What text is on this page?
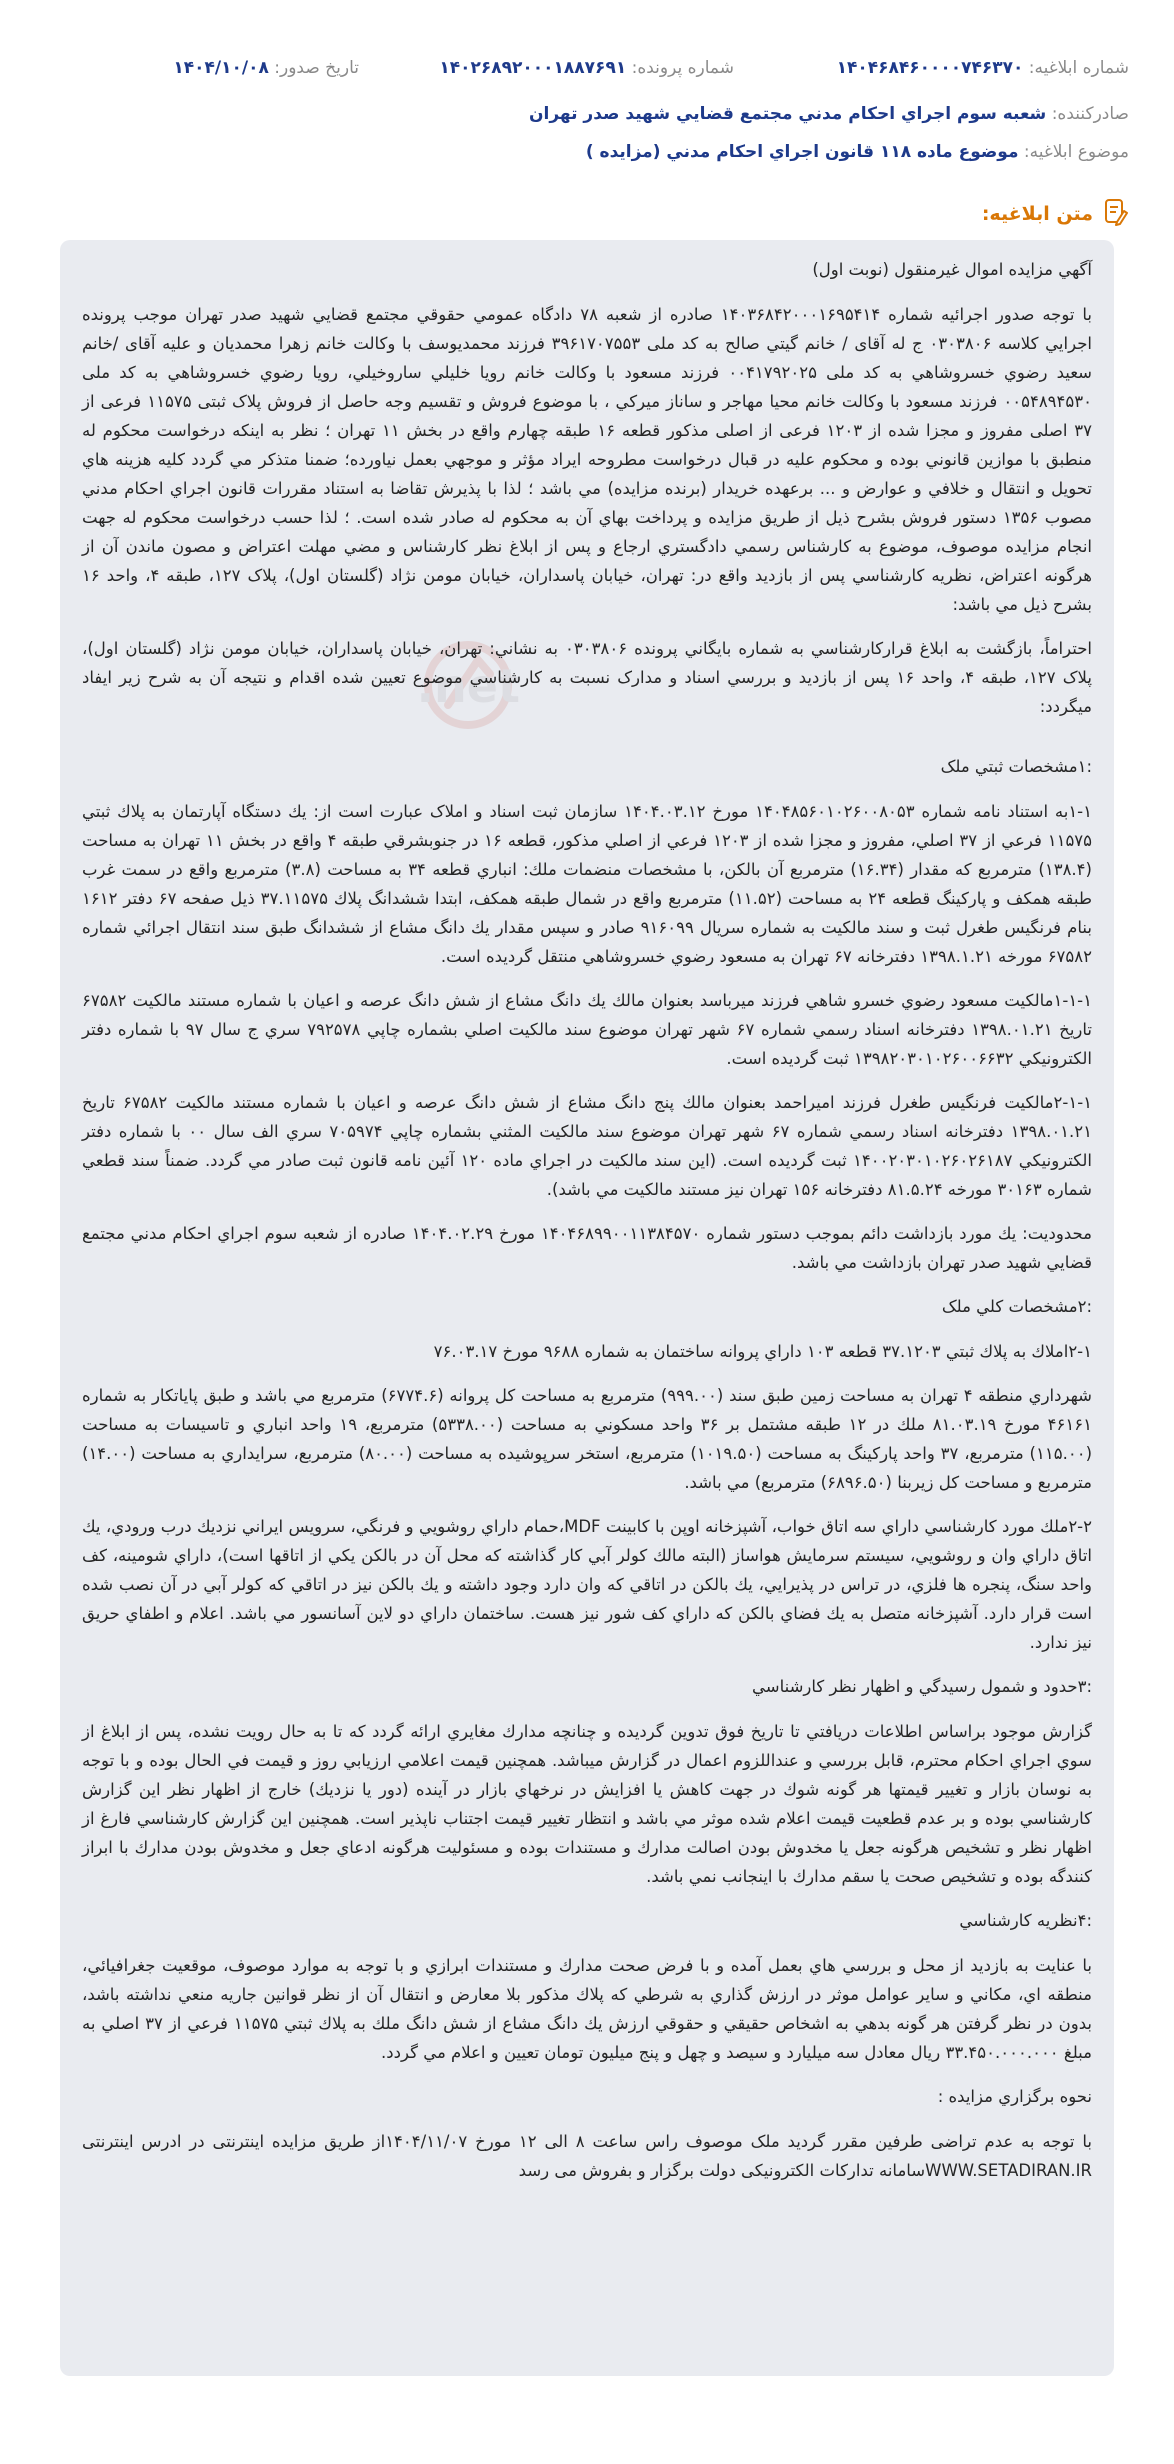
شماره ابلاغيه: ۱۴۰۴۶۸۴۶۰۰۰۰۷۴۶۳۷۰
شماره پرونده: ۱۴۰۲۶۸۹۲۰۰۰۱۸۸۷۶۹۱
تاريخ صدور: ۱۴۰۴/۱۰/۰۸
صادرکننده: شعبه سوم اجراي احكام مدني مجتمع قضايي شهيد صدر تهران
موضوع ابلاغيه: موضوع ماده ۱۱۸ قانون اجراي احکام مدني (مزايده )
متن ابلاغيه:
.net

آگهي مزايده اموال غيرمنقول (نوبت اول)

با توجه صدور اجرائيه شماره ۱۴۰۳۶۸۴۲۰۰۰۱۶۹۵۴۱۴ صادره از شعبه ۷۸ دادگاه عمومي حقوقي مجتمع قضايي شهيد صدر تهران موجب پرونده اجرايي کلاسه ۰۳۰۳۸۰۶ ج له آقای / خانم گيتي صالح به کد ملی ۳۹۶۱۷۰۷۵۵۳ فرزند محمديوسف با وکالت خانم زهرا محمديان و علیه آقای /خانم سعید رضوي خسروشاهي به کد ملی ۰۰۴۱۷۹۲۰۲۵ فرزند مسعود با وکالت خانم رويا خليلي ساروخيلي، رويا رضوي خسروشاهي به کد ملی ۰۰۵۴۸۹۴۵۳۰ فرزند مسعود با وکالت خانم محيا مهاجر و ساناز ميرکي ، با موضوع فروش و تقسيم وجه حاصل از فروش پلاک ثبتی ۱۱۵۷۵ فرعی از ۳۷ اصلی مفروز و مجزا شده از ۱۲۰۳ فرعی از اصلی مذکور قطعه ۱۶ طبقه چهارم واقع در بخش ۱۱ تهران ؛ نظر به اينکه درخواست محکوم له منطبق با موازين قانوني بوده و محکوم عليه در قبال درخواست مطروحه ايراد مؤثر و موجهي بعمل نياورده؛ ضمنا متذکر مي گردد کليه هزينه هاي تحويل و انتقال و خلافي و عوارض و ... برعهده خريدار (برنده مزايده) مي باشد ؛ لذا با پذيرش تقاضا به استناد مقررات قانون اجراي احکام مدني مصوب ۱۳۵۶ دستور فروش بشرح ذيل از طريق مزايده و پرداخت بهاي آن به محکوم له صادر شده است. ؛ لذا حسب درخواست محکوم له جهت انجام مزايده موصوف، موضوع به کارشناس رسمي دادگستري ارجاع و پس از ابلاغ نظر کارشناس و مضي مهلت اعتراض و مصون ماندن آن از هرگونه اعتراض، نظريه کارشناسي پس از بازديد واقع در: تهران، خيابان پاسداران، خيابان مومن نژاد (گلستان اول)، پلاک ۱۲۷، طبقه ۴، واحد ۱۶ بشرح ذيل مي باشد:

احتراماً، بازگشت به ابلاغ قرارکارشناسي به شماره بايگاني پرونده ۰۳۰۳۸۰۶ به نشاني: تهران، خيابان پاسداران، خيابان مومن نژاد (گلستان اول)، پلاک ۱۲۷، طبقه ۴، واحد ۱۶ پس از بازديد و بررسي اسناد و مدارک نسبت به کارشناسي موضوع تعيين شده اقدام و نتيجه آن به شرح زير ايفاد ميگردد:

:۱مشخصات ثبتي ملک

۱-۱به استناد نامه شماره ۱۴۰۴۸۵۶۰۱۰۲۶۰۰۸۰۵۳ مورخ ۱۴۰۴.۰۳.۱۲ سازمان ثبت اسناد و املاک عبارت است از: يك دستگاه آپارتمان به پلاك ثبتي ۱۱۵۷۵ فرعي از ۳۷ اصلي، مفروز و مجزا شده از ۱۲۰۳ فرعي از اصلي مذكور، قطعه ۱۶ در جنوبشرقي طبقه ۴ واقع در بخش ۱۱ تهران به مساحت (۱۳۸.۴) مترمربع كه مقدار (۱۶.۳۴) مترمربع آن بالكن، با مشخصات منضمات ملك: انباري قطعه ۳۴ به مساحت (۳.۸) مترمربع واقع در سمت غرب طبقه همكف و پاركينگ قطعه ۲۴ به مساحت (۱۱.۵۲) مترمربع واقع در شمال طبقه همكف، ابتدا ششدانگ پلاك ۳۷.۱۱۵۷۵ ذيل صفحه ۶۷ دفتر ۱۶۱۲ بنام فرنگيس طغرل ثبت و سند مالكيت به شماره سريال ۹۱۶۰۹۹ صادر و سپس مقدار يك دانگ مشاع از ششدانگ طبق سند انتقال اجرائي شماره ۶۷۵۸۲ مورخه ۱۳۹۸.۱.۲۱ دفترخانه ۶۷ تهران به مسعود رضوي خسروشاهي منتقل گرديده است.

۱-۱-۱مالكيت مسعود رضوي خسرو شاهي فرزند ميرباسد بعنوان مالك يك دانگ مشاع از شش دانگ عرصه و اعيان با شماره مستند مالكيت ۶۷۵۸۲ تاريخ ۱۳۹۸.۰۱.۲۱ دفترخانه اسناد رسمي شماره ۶۷ شهر تهران موضوع سند مالكيت اصلي بشماره چاپي ۷۹۲۵۷۸ سري ج سال ۹۷ با شماره دفتر الكترونيكي ۱۳۹۸۲۰۳۰۱۰۲۶۰۰۶۶۳۲ ثبت گرديده است.

۲-۱-۱مالكيت فرنگيس طغرل فرزند اميراحمد بعنوان مالك پنج دانگ مشاع از شش دانگ عرصه و اعيان با شماره مستند مالكيت ۶۷۵۸۲ تاريخ ۱۳۹۸.۰۱.۲۱ دفترخانه اسناد رسمي شماره ۶۷ شهر تهران موضوع سند مالكيت المثني بشماره چاپي ۷۰۵۹۷۴ سري الف سال ۰۰ با شماره دفتر الكترونيكي ۱۴۰۰۲۰۳۰۱۰۲۶۰۲۶۱۸۷ ثبت گرديده است. (اين سند مالكيت در اجراي ماده ۱۲۰ آئين نامه قانون ثبت صادر مي گردد. ضمناً سند قطعي شماره ۳۰۱۶۳ مورخه ۸۱.۵.۲۴ دفترخانه ۱۵۶ تهران نيز مستند مالكيت مي باشد).

محدوديت: يك مورد بازداشت دائم بموجب دستور شماره ۱۴۰۴۶۸۹۹۰۰۱۱۳۸۴۵۷۰ مورخ ۱۴۰۴.۰۲.۲۹ صادره از شعبه سوم اجراي احكام مدني مجتمع قضايي شهيد صدر تهران بازداشت مي باشد.

:۲مشخصات کلي ملک

۲-۱املاك به پلاك ثبتي ۳۷.۱۲۰۳ قطعه ۱۰۳ داراي پروانه ساختمان به شماره ۹۶۸۸ مورخ ۷۶.۰۳.۱۷

شهرداري منطقه ۴ تهران به مساحت زمين طبق سند (۹۹۹.۰۰) مترمربع به مساحت كل پروانه (۶۷۷۴.۶) مترمربع مي باشد و طبق پاياتكار به شماره ۴۶۱۶۱ مورخ ۸۱.۰۳.۱۹ ملك در ۱۲ طبقه مشتمل بر ۳۶ واحد مسكوني به مساحت (۵۳۳۸.۰۰) مترمربع، ۱۹ واحد انباري و تاسيسات به مساحت (۱۱۵.۰۰) مترمربع، ۳۷ واحد پاركينگ به مساحت (۱۰۱۹.۵۰) مترمربع، استخر سرپوشيده به مساحت (۸۰.۰۰) مترمربع، سرايداري به مساحت (۱۴.۰۰) مترمربع و مساحت كل زيربنا (۶۸۹۶.۵۰) مترمربع) مي باشد.

۲-۲ملك مورد كارشناسي داراي سه اتاق خواب، آشپزخانه اوپن با كابينت MDF،حمام داراي روشويي و فرنگي، سرويس ايراني نزديك درب ورودي، يك اتاق داراي وان و روشويي، سيستم سرمايش هواساز (البته مالك كولر آبي كار گذاشته كه محل آن در بالكن يكي از اتاقها است)، داراي شومينه، كف واحد سنگ، پنجره ها فلزي، در تراس در پذيرايي، يك بالكن در اتاقي كه وان دارد وجود داشته و يك بالكن نيز در اتاقي كه كولر آبي در آن نصب شده است قرار دارد. آشپزخانه متصل به يك فضاي بالكن كه داراي كف شور نيز هست. ساختمان داراي دو لاين آسانسور مي باشد. اعلام و اطفاي حريق نيز ندارد.

:۳حدود و شمول رسيدگي و اظهار نظر كارشناسي

گزارش موجود براساس اطلاعات دريافتي تا تاريخ فوق تدوين گرديده و چنانچه مدارك مغايري ارائه گردد كه تا به حال رويت نشده، پس از ابلاغ از سوي اجراي احكام محترم، قابل بررسي و عنداللزوم اعمال در گزارش ميباشد. همچنين قيمت اعلامي ارزيابي روز و قيمت في الحال بوده و با توجه به نوسان بازار و تغيير قيمتها هر گونه شوك در جهت كاهش يا افزايش در نرخهاي بازار در آينده (دور يا نزديك) خارج از اظهار نظر اين گزارش كارشناسي بوده و بر عدم قطعيت قيمت اعلام شده موثر مي باشد و انتظار تغيير قيمت اجتناب ناپذير است. همچنين اين گزارش كارشناسي فارغ از اظهار نظر و تشخيص هرگونه جعل يا مخدوش بودن اصالت مدارك و مستندات بوده و مسئوليت هرگونه ادعاي جعل و مخدوش بودن مدارك با ابراز كنندگه بوده و تشخيص صحت يا سقم مدارك با اينجانب نمي باشد.

:۴نظريه كارشناسي

با عنايت به بازديد از محل و بررسي هاي بعمل آمده و با فرض صحت مدارك و مستندات ابرازي و با توجه به موارد موصوف، موقعيت جغرافيائي، منطقه اي، مكاني و ساير عوامل موثر در ارزش گذاري به شرطي كه پلاك مذكور بلا معارض و انتقال آن از نظر قوانين جاريه منعي نداشته باشد، بدون در نظر گرفتن هر گونه بدهي به اشخاص حقيقي و حقوقي ارزش يك دانگ مشاع از شش دانگ ملك به پلاك ثبتي ۱۱۵۷۵ فرعي از ۳۷ اصلي به مبلغ ۳۳.۴۵۰.۰۰۰.۰۰۰ ريال معادل سه ميليارد و سيصد و چهل و پنج ميليون تومان تعيين و اعلام مي گردد.

نحوه برگزاري مزايده :

با توجه به عدم تراضی طرفین مقرر گردید ملک موصوف راس ساعت ۸ الی ۱۲ مورخ ۱۴۰۴/۱۱/۰۷از طریق مزایده اینترنتی در ادرس اینترنتی WWW.SETADIRAN.IRسامانه تدارکات الکترونیکی دولت برگزار و بفروش می رسد
